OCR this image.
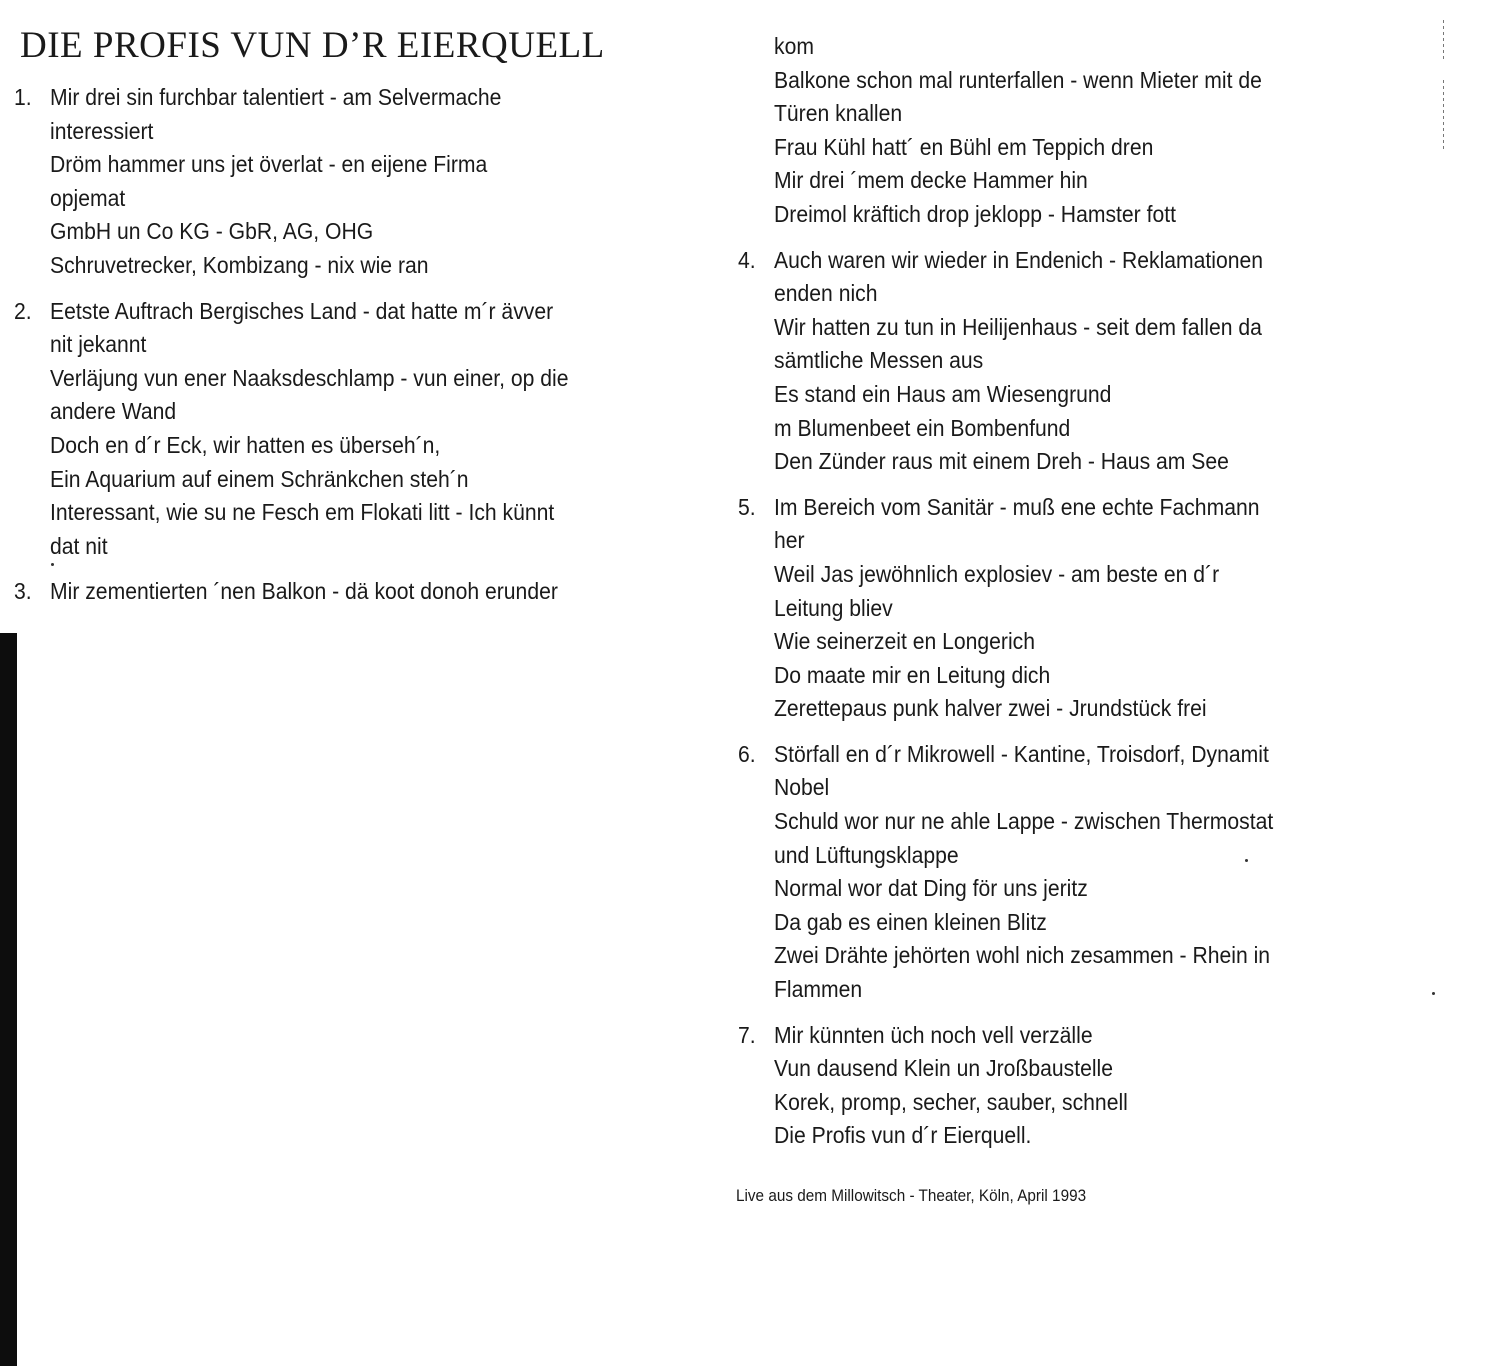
DIE PROFIS VUN D’R EIERQUELL
1. Mir drei sin furchbar talentiert - am Selvermache
interessiert
Dröm hammer uns jet överlat - en eijene Firma
opjemat
GmbH un Co KG - GbR, AG, OHG
Schruvetrecker, Kombizang - nix wie ran
2. Eetste Auftrach Bergisches Land - dat hatte m´r ävver
nit jekannt
Verläjung vun ener Naaksdeschlamp - vun einer, op die
andere Wand
Doch en d´r Eck, wir hatten es überseh´n,
Ein Aquarium auf einem Schränkchen steh´n
Interessant, wie su ne Fesch em Flokati litt - Ich künnt
dat nit
3. Mir zementierten ´nen Balkon - dä koot donoh erunder
kom
Balkone schon mal runterfallen - wenn Mieter mit de
Türen knallen
Frau Kühl hatt´ en Bühl em Teppich dren
Mir drei ´mem decke Hammer hin
Dreimol kräftich drop jeklopp - Hamster fott
4. Auch waren wir wieder in Endenich - Reklamationen
enden nich
Wir hatten zu tun in Heilijenhaus - seit dem fallen da
sämtliche Messen aus
Es stand ein Haus am Wiesengrund
m Blumenbeet ein Bombenfund
Den Zünder raus mit einem Dreh - Haus am See
5. Im Bereich vom Sanitär - muß ene echte Fachmann
her
Weil Jas jewöhnlich explosiev - am beste en d´r
Leitung bliev
Wie seinerzeit en Longerich
Do maate mir en Leitung dich
Zerettepaus punk halver zwei - Jrundstück frei
6. Störfall en d´r Mikrowell - Kantine, Troisdorf, Dynamit
Nobel
Schuld wor nur ne ahle Lappe - zwischen Thermostat
und Lüftungsklappe
Normal wor dat Ding för uns jeritz
Da gab es einen kleinen Blitz
Zwei Drähte jehörten wohl nich zesammen - Rhein in
Flammen
7. Mir künnten üch noch vell verzälle
Vun dausend Klein un Jroßbaustelle
Korek, promp, secher, sauber, schnell
Die Profis vun d´r Eierquell.

Live aus dem Millowitsch - Theater, Köln, April 1993
